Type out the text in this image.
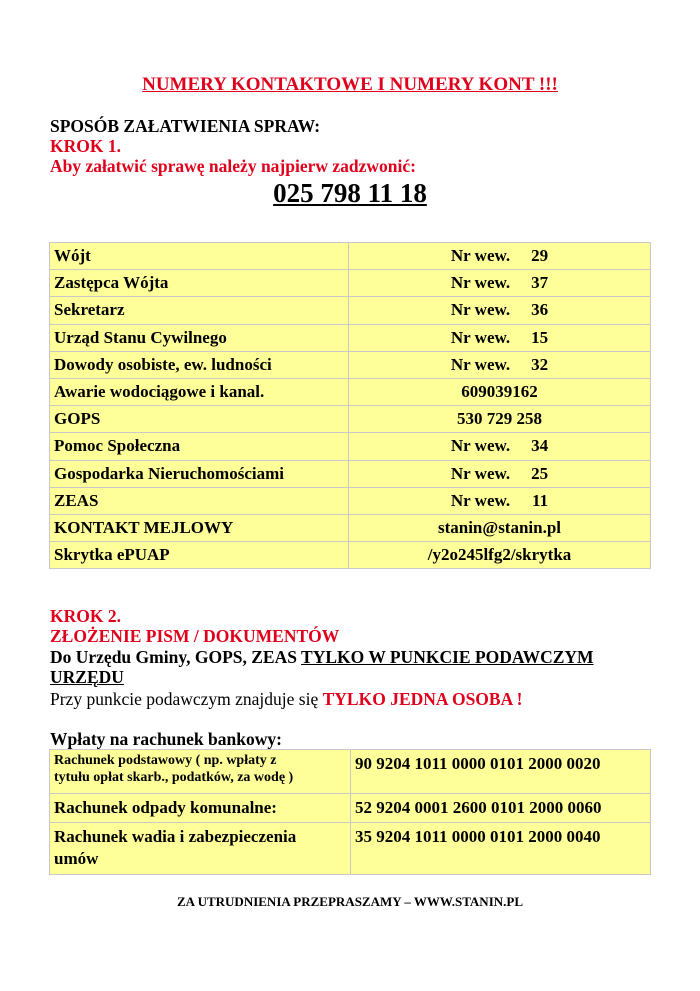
NUMERY KONTAKTOWE I NUMERY KONT !!!
SPOSÓB ZAŁATWIENIA SPRAW:
KROK 1.
Aby załatwić sprawę należy najpierw zadzwonić:
025 798 11 18
Wójt	Nr wew. 29
Zastępca Wójta	Nr wew. 37
Sekretarz	Nr wew. 36
Urząd Stanu Cywilnego	Nr wew. 15
Dowody osobiste, ew. ludności	Nr wew. 32
Awarie wodociągowe i kanal.	609039162
GOPS	530 729 258
Pomoc Społeczna	Nr wew. 34
Gospodarka Nieruchomościami	Nr wew. 25
ZEAS	Nr wew. 11
KONTAKT MEJLOWY	stanin@stanin.pl
Skrytka ePUAP	/y2o245lfg2/skrytka
KROK 2.
ZŁOŻENIE PISM / DOKUMENTÓW
Do Urzędu Gminy, GOPS, ZEAS TYLKO W PUNKCIE PODAWCZYM
URZĘDU
Przy punkcie podawczym znajduje się TYLKO JEDNA OSOBA !
Wpłaty na rachunek bankowy:
Rachunek podstawowy ( np. wpłaty z
tytułu opłat skarb., podatków, za wodę )	90 9204 1011 0000 0101 2000 0020

Rachunek odpady komunalne:	52 9204 0001 2600 0101 2000 0060

Rachunek wadia i zabezpieczenia
umów	35 9204 1011 0000 0101 2000 0040
ZA UTRUDNIENIA PRZEPRASZAMY – WWW.STANIN.PL
